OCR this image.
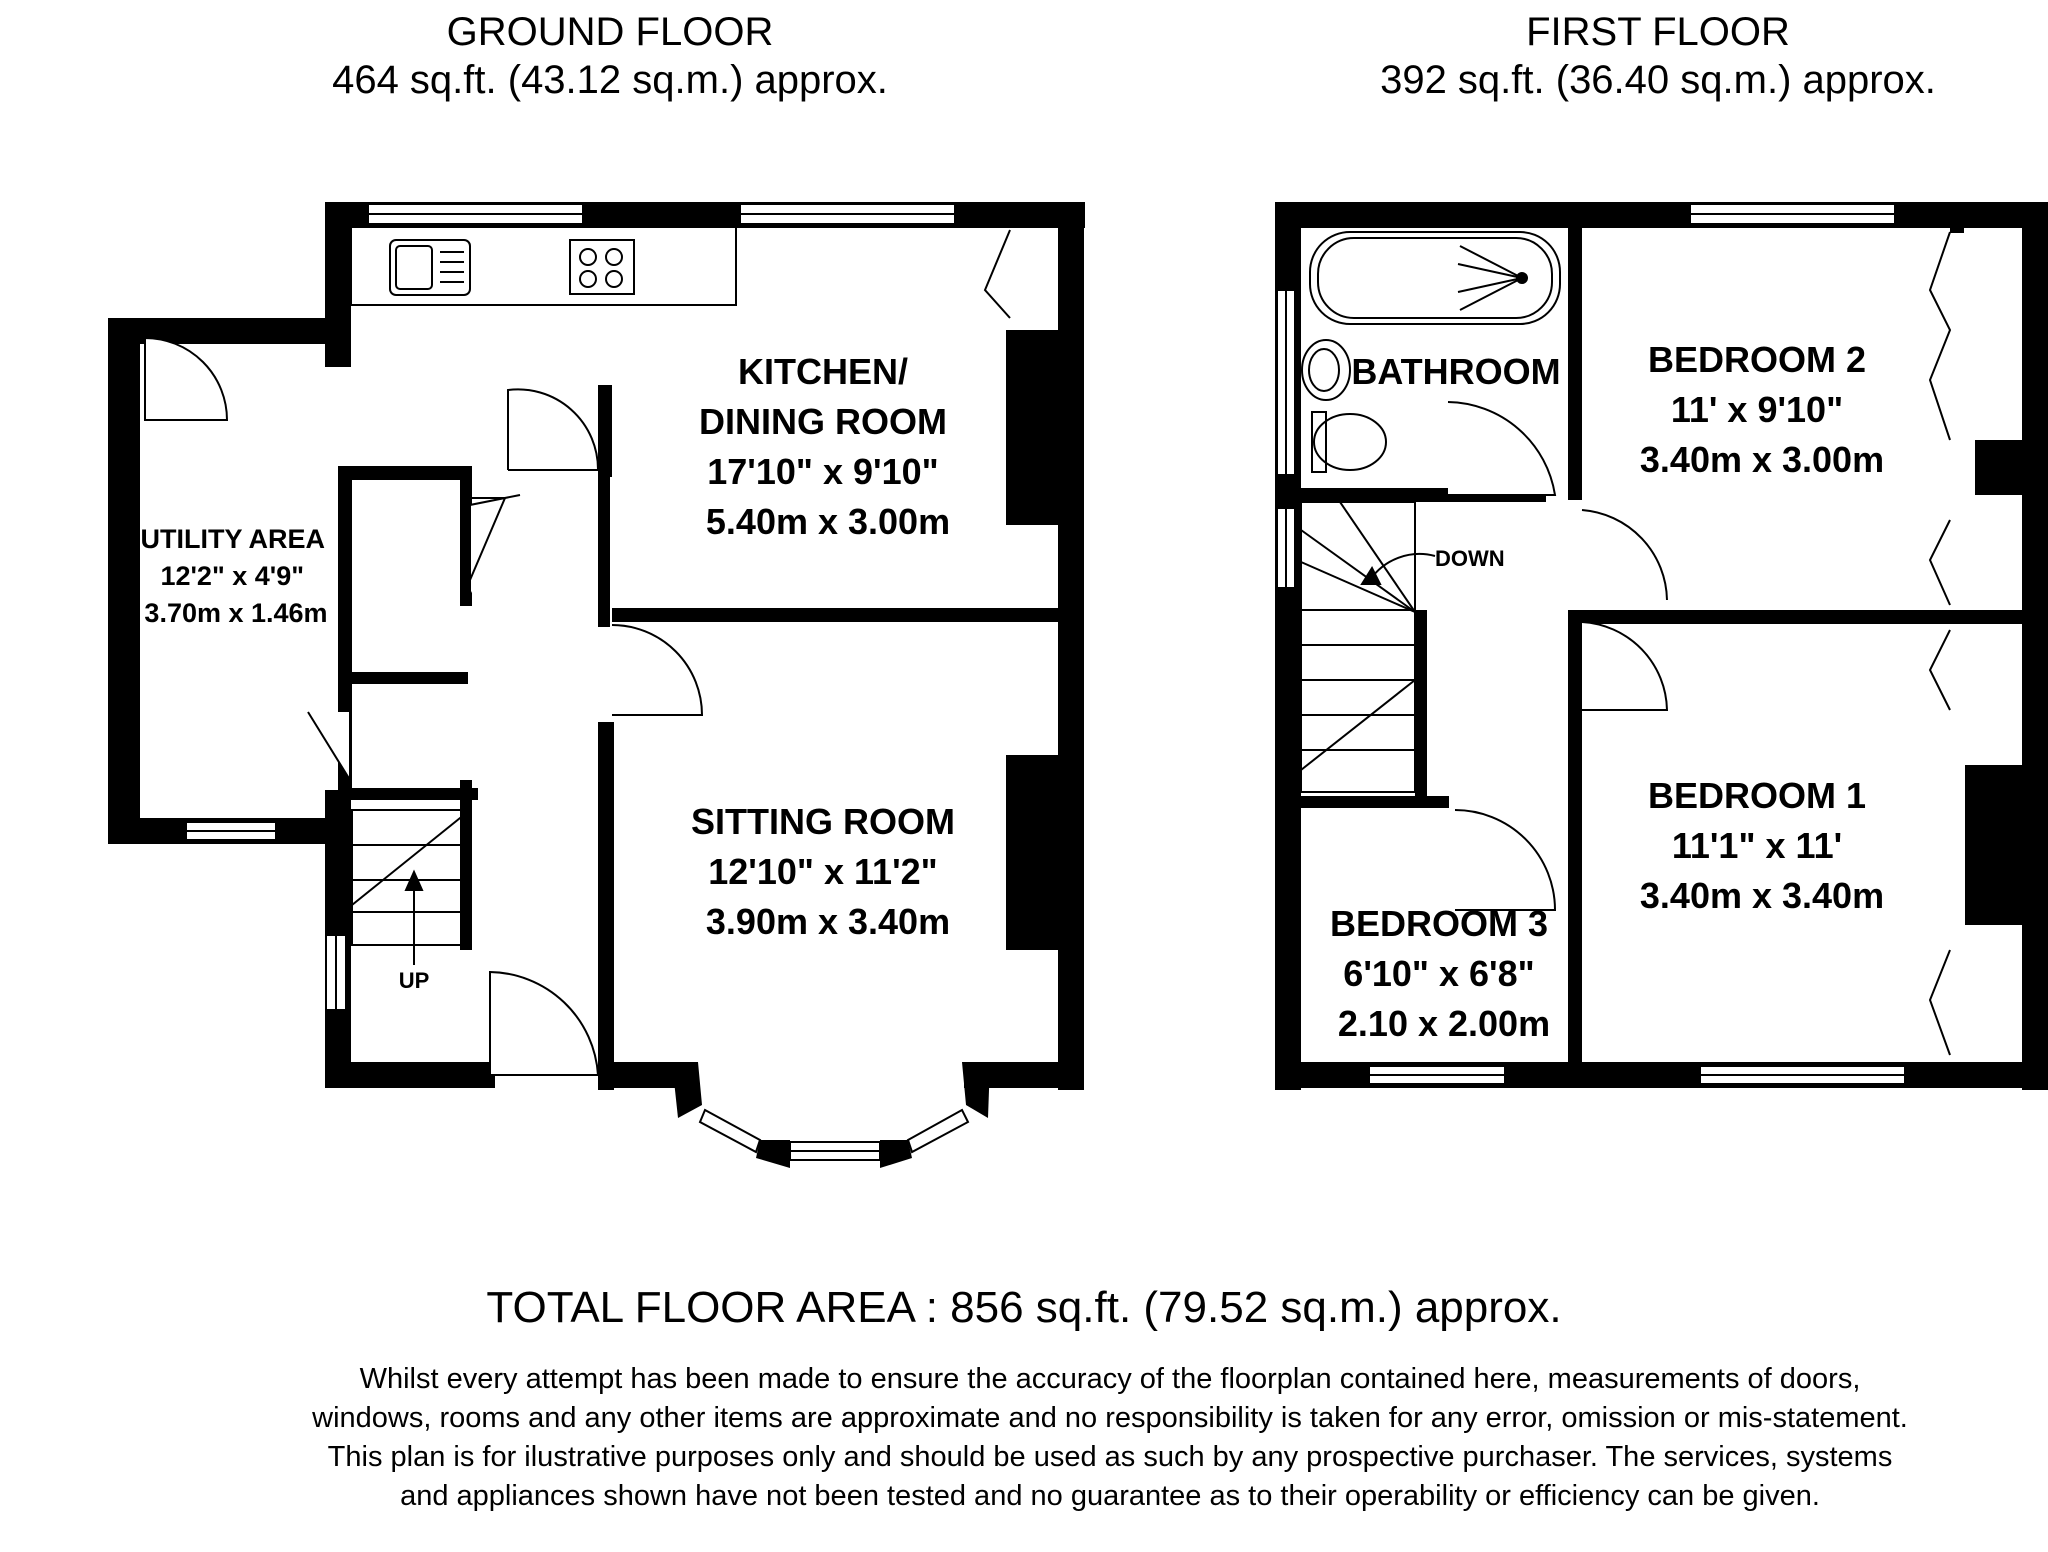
GROUND FLOOR
464 sq.ft. (43.12 sq.m.) approx.
FIRST FLOOR
392 sq.ft. (36.40 sq.m.) approx.
KITCHEN/ DINING ROOM 17'10" x 9'10" 5.40m x 3.00m
UTILITY AREA 12'2" x 4'9" 3.70m x 1.46m
SITTING ROOM 12'10" x 11'2" 3.90m x 3.40m
UP
BATHROOM BEDROOM 2 11' x 9'10" 3.40m x 3.00m
BEDROOM 1 11'1" x 11' 3.40m x 3.40m
BEDROOM 3 6'10" x 6'8" 2.10 x 2.00m
DOWN
TOTAL FLOOR AREA : 856 sq.ft. (79.52 sq.m.) approx.
Whilst every attempt has been made to ensure the accuracy of the floorplan contained here, measurements of doors, windows, rooms and any other items are approximate and no responsibility is taken for any error, omission or mis-statement. This plan is for ilustrative purposes only and should be used as such by any prospective purchaser. The services, systems and appliances shown have not been tested and no guarantee as to their operability or efficiency can be given.
